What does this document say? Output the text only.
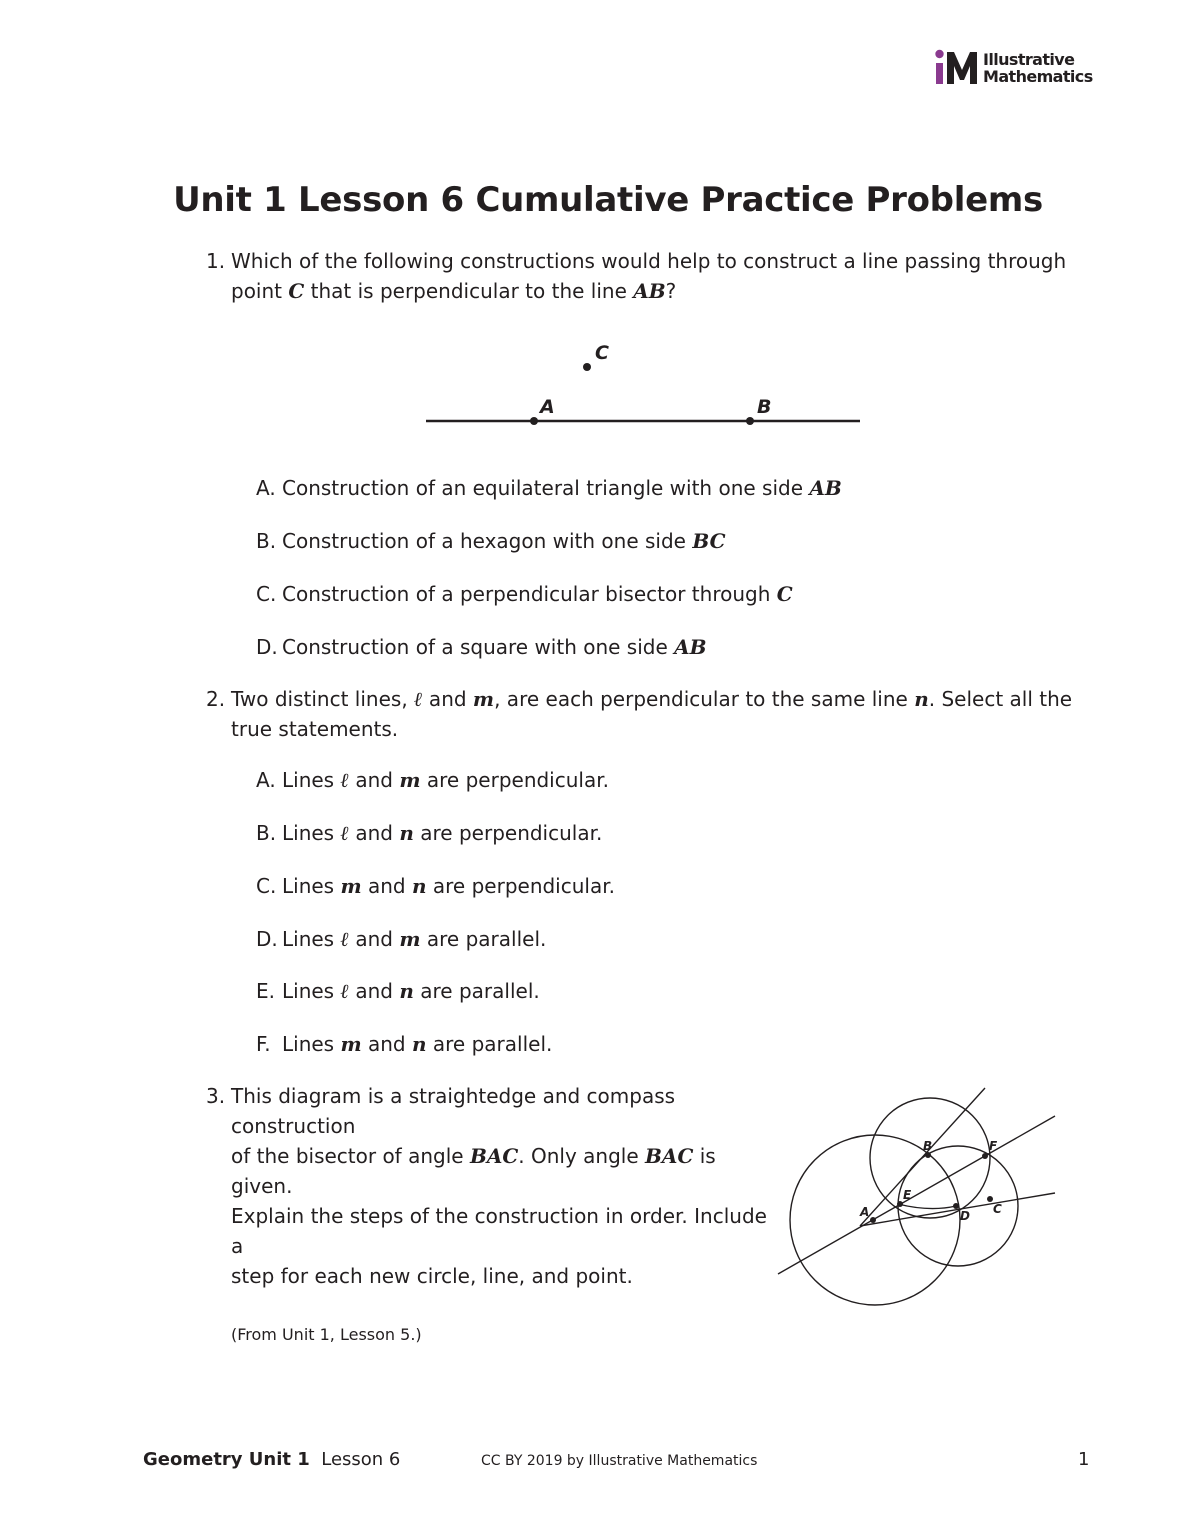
Illustrative
Mathematics
Unit 1 Lesson 6 Cumulative Practice Problems
1. Which of the following constructions would help to construct a line passing through
point C that is perpendicular to the line AB?
C
A	B
A. Construction of an equilateral triangle with one side AB
B. Construction of a hexagon with one side BC
C. Construction of a perpendicular bisector through C
D. Construction of a square with one side AB
2. Two distinct lines, ℓ and m, are each perpendicular to the same line n. Select all the
true statements.
A. Lines ℓ and m are perpendicular.
B. Lines ℓ and n are perpendicular.
C. Lines m and n are perpendicular.
D. Lines ℓ and m are parallel.
E. Lines ℓ and n are parallel.
F. Lines m and n are parallel.
3. This diagram is a straightedge and compass construction
of the bisector of angle BAC. Only angle BAC is given.
Explain the steps of the construction in order. Include a
step for each new circle, line, and point.
B	F
E
A	D C
(From Unit 1, Lesson 5.)
Geometry Unit 1 Lesson 6	CC BY 2019 by Illustrative Mathematics	1
